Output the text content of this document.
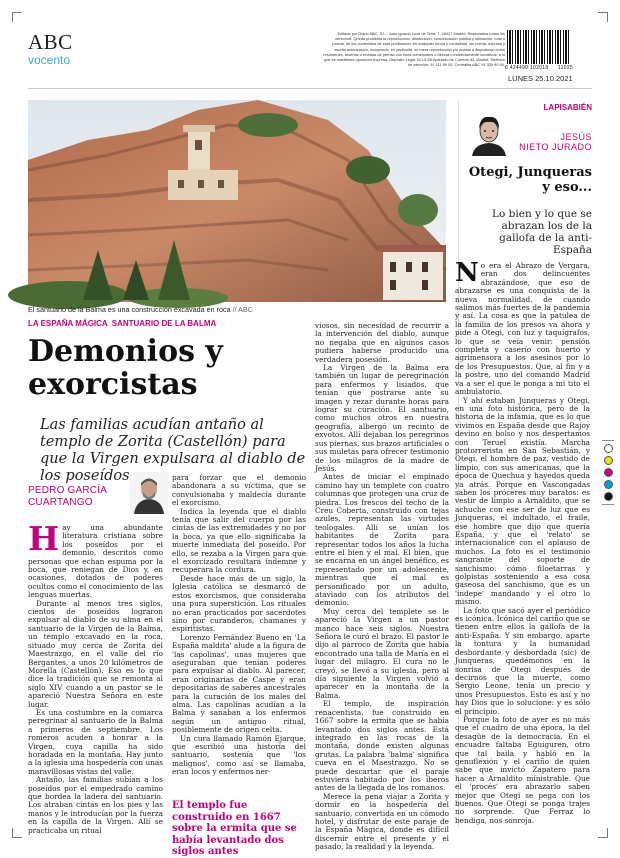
ABC
vocento
Editado por Diario ABC, S.L., Juan Ignacio Luca de Tena, 7. 28027 Madrid. Reservados todos los derechos. Queda prohibida la reproducción, distribución, comunicación pública y utilización, total o parcial, de los contenidos de esta publicación, en cualquier forma y modalidad, sin previa, expresa y escrita autorización, incluyendo, en particular, su mera reproducción y/o puesta a disposición como resúmenes, reseñas o revistas de prensa con fines comerciales o directa o indirectamente lucrativos, a lo que se manifiesta oposición expresa. Depósito Legal: M-13-58 Apartado de Correos 43. Madrid. Teléfono de atención: 91 111 99 00. Centralita ABC 91 339 90 00.
8 424490 102018 11025
LUNES 25.10.2021
El santuario de la Balma es una construcción excavada en roca // ABC
LA ESPAÑA MÁGICA SANTUARIO DE LA BALMA
Demonios y exorcistas
Las familias acudían antaño al templo de Zorita (Castellón) para que la Virgen expulsara al diablo de los poseídos
PEDRO GARCÍA
CUARTANGO
H ay una abundante literatura cristiana sobre los poseídos por el demonio, descritos como personas que echan espuma por la boca, que reniegan de Dios y, en ocasiones, dotados de poderes ocultos como el conocimiento de las lenguas muertas.

Durante al menos tres siglos, cientos de poseídos lograron expulsar al diablo de su alma en el santuario de la Virgen de la Balma, un templo excavado en la roca, situado muy cerca de Zorita del Maestrazgo, en el valle del río Bergantes, a unos 20 kilómetros de Morella (Castellón). Eso es lo que dice la tradición que se remonta al siglo XIV cuando a un pastor se le apareció Nuestra Señora en este lugar.

Es una costumbre en la comarca peregrinar al santuario de la Balma a primeros de septiembre. Los romeros acuden a honrar a la Virgen, cuya capilla ha sido horadada en la montaña. Hay junto a la iglesia una hospedería con unas maravillosas vistas del valle.

Antaño, las familias subían a los poseídos por el empedrado camino que bordea la ladera del santuario. Los atraban cintas en los pies y las manos y le introducían por la fuerza en la capilla de la Virgen. Allí se practicaba un ritual

para forzar que el demonio abandonara a su víctima, que se convulsionaba y maldecía durante el exorcismo.

Indica la leyenda que el diablo tenía que salir del cuerpo por las cintas de las extremidades y no por la boca, ya que ello significaba la muerte inmediata del poseído. Por ello, se rezaba a la Virgen para que el exorcizado resultara indemne y recuperara la cordura.

Desde hace más de un siglo, la Iglesia católica se desmarcó de estos exorcismos, que consideraba una pura superstición. Los rituales no eran practicados por sacerdotes sino por curanderos, chamanes y espiritistas.

Lorenzo Fernández Bueno en 'La España maldita' alude a la figura de 'las capolinas', unas mujeres que aseguraban que tenían poderes para expulsar al diablo. Al parecer, eran originarias de Caspe y eran depositarias de saberes ancestrales para la curación de los males del alma. Las capolinas acudían a la Balma y sanaban a los enfermos según un antiguo ritual, posiblemente de origen celta.

Un cura llamado Ramón Ejarque, que escribió una historia del santuario, sostenía que 'los malignos', como así se llamaba, eran locos y enfermos ner-

El templo fue construido en 1667 sobre la ermita que se había levantado dos siglos antes

viosos, sin necesidad de recurrir a la intervención del diablo, aunque no negaba que en algunos casos pudiera haberse producido una verdadera posesión.

La Virgen de la Balma era también un lugar de peregrinación para enfermos y lisiados, que tenían que postrarse ante su imagen y rezar durante horas para lograr su curación. El santuario, como muchos otros en nuestra geografía, albergó un recinto de exvotos. Allí dejaban los peregrinos sus piernas, sus brazos artificiales o sus muletas para ofrecer testimonio de los milagros de la madre de Jesús.

Antes de iniciar el empinado camino hay un templete con cuatro columnas que protegen una cruz de piedra. Los frescos del techo de la Creu Coberta, construido con tejas azules, representan las virtudes teologales. Allí se unían los habitantes de Zorita para representar todos los años la lucha entre el bien y el mal. El bien, que se encarna en un ángel benéfico, es representado por un adolescente, mientras que el mal es personificado por un adulto, ataviado con los atributos del demonio.

Muy cerca del templete se le apareció la Virgen a un pastor manco hace seis siglos. Nuestra Señora le curó el brazo. El pastor le dijo al párroco de Zorita que había encontrado una talla de María en el lugar del milagro. El cura no le creyó, se llevó a su iglesia, pero al día siguiente la Virgen volvió a aparecer en la montaña de la Balma.

El templo, de inspiración renacentista, fue construido en 1667 sobre la ermita que se había levantado dos siglos antes. Está integrado en las rocas de la montaña, donde existen algunas grutas. La palabra 'balma' significa cueva en el Maestrazgo. No se puede descartar que el paraje estuviera habitado por los íberos antes de la llegada de los romanos.

Merece la pena viajar a Zorita y dormir en la hospedería del santuario, convertida en un cómodo hotel, y disfrutar de este paraje de la España Mágica, donde es difícil discernir entre el presente y el pasado, la realidad y la leyenda.

LAPISABIÉN
JESÚS
NIETO JURADO
Otegi, Junqueras y eso...
Lo bien y lo que se abrazan los de la gallofa de la anti-España
N o era el Abrazo de Vergara, eran dos delincuentes abrazándose, que eso de abrazarse es una conquista de la nueva normalidad, de cuando salimos más fuertes de la pandemia y así. La cosa es que la patulea de la familia de los presos va ahora y pide a Otegi, con luz y taquígrafos, lo que se veía venir: pensión completa y caserío con huerto y agrimensora a los asesinos por lo de los Presupuestos. Que, al fin y a la postre, uno del comando Madrid va a ser el que le ponga a mi tito el ambulatorio.

Y ahí estaban Junqueras y Otegi, en una foto histórica, pero de la historia de la infamia, que es lo que vivimos en España desde que Rajoy devino en bolso y nos despertamos con Teruel existía. Marcha protorrerista en San Sebastián, y Otegi, el hombre de paz, vestido de limpio, con sus americanas, que la época de Quechua y hayedos queda ya atrás. Porque en Vascongadas saben los próceres muy baratos: es vestir de limpio a Arnaldito, que se achuche con ese ser de luz que es Junqueras, el indultado, el fraile, ese hombre que dijo que quería España, y que el 'relato' se internacionalice con el aplauso de muchos. La foto es el testimonio sangrante del soporte de sanchismo: cómo filoetarras y golpistas sosteniendo a esa cosa gaseosa del sanchismo, que es un 'indepe' mandando y el otro lo mismo.

La foto que sacó ayer el periódico es icónica. Icónica del cariño que se tienen entre ellos la gallofa de la anti-España. Y sin embargo, aparte la tontura y la humanidad desbordante y desbordada (sic) de Junqueras, quedémonos en la sonrisa de Otegi después de decirnos que la muerte, como Sergio Leone, tenía un precio y unos Presupuestos. Esto es así y no hay Dios que lo solucione: y es sólo el principio.

Porque la foto de ayer es no más que el cuadro de una época, la del desagüe de la democracia. En el encuadre faltaba Eguiguren, otro que tal baila y habló en la genuflexión y el cariño de quien sabe que invictó Zapatero para hacer a Arnaldito mínistrable. Que el 'procés' era abrazarlo saben mejor que Otegi se pega con los buenos. Que Otegi se ponga trajes no sorprende. Que Ferraz lo bendiga, nos sonroja.
